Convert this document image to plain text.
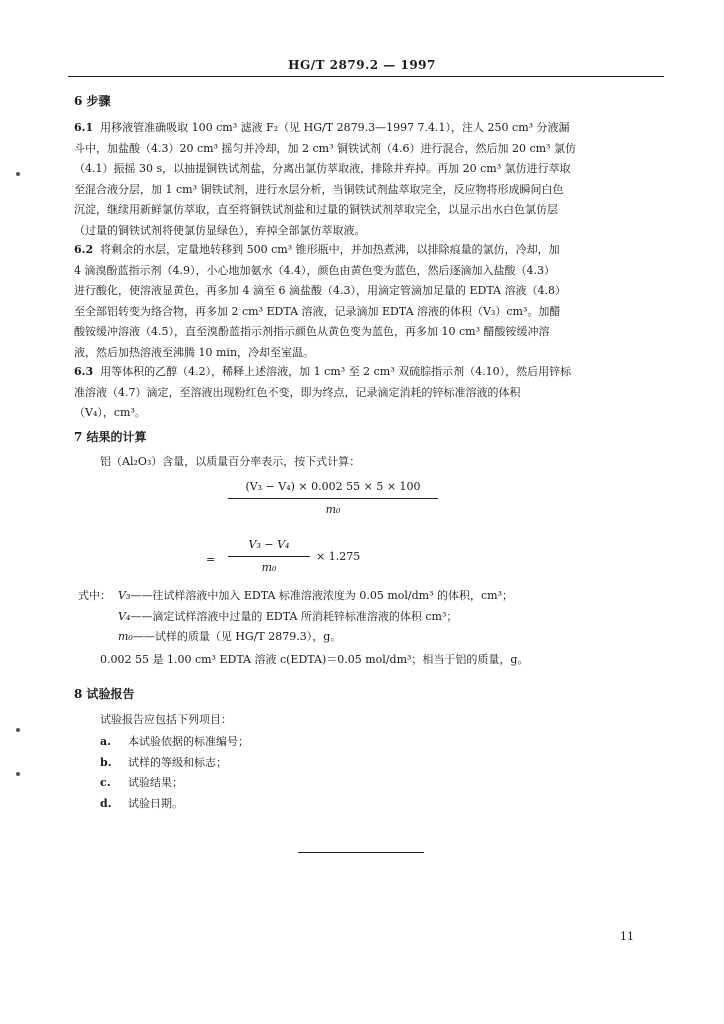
HG/T 2879.2 — 1997
6 步骤
6.1 用移液管准确吸取 100 cm³ 滤液 F₂（见 HG/T 2879.3—1997 7.4.1），注人 250 cm³ 分液漏
斗中，加盐酸（4.3）20 cm³ 摇匀并冷却，加 2 cm³ 铜铁试剂（4.6）进行混合，然后加 20 cm³ 氯仿
（4.1）振摇 30 s，以抽提铜铁试剂盐，分离出氯仿萃取液，排除并弃掉。再加 20 cm³ 氯仿进行萃取
至混合液分层，加 1 cm³ 铜铁试剂，进行水层分析，当铜铁试剂盐萃取完全，反应物将形成瞬间白色
沉淀，继续用新鲜氯仿萃取，直至将铜铁试剂盐和过量的铜铁试剂萃取完全，以显示出水白色氯仿层
（过量的铜铁试剂将使氯仿显绿色），弃掉全部氯仿萃取液。
6.2 将剩余的水层，定量地转移到 500 cm³ 锥形瓶中，并加热煮沸，以排除痕量的氯仿，冷却，加
4 滴溴酚蓝指示剂（4.9），小心地加氨水（4.4），颜色由黄色变为蓝色，然后逐滴加入盐酸（4.3）
进行酸化，使溶液显黄色，再多加 4 滴至 6 滴盐酸（4.3），用滴定管滴加足量的 EDTA 溶液（4.8）
至全部铝转变为络合物，再多加 2 cm³ EDTA 溶液，记录滴加 EDTA 溶液的体积（V₃）cm³。加醋
酸铵缓冲溶液（4.5），直至溴酚蓝指示剂指示颜色从黄色变为蓝色，再多加 10 cm³ 醋酸铵缓冲溶
液，然后加热溶液至沸腾 10 min，冷却至室温。
6.3 用等体积的乙醇（4.2），稀释上述溶液，加 1 cm³ 至 2 cm³ 双硫腙指示剂（4.10），然后用锌标
准溶液（4.7）滴定，至溶液出现粉红色不变，即为终点，记录滴定消耗的锌标准溶液的体积
（V₄），cm³。
7 结果的计算
铝（Al₂O₃）含量，以质量百分率表示，按下式计算：
(V₃ − V₄) × 0.002 55 × 5 × 100
m₀
=
V₃ − V₄
m₀
× 1.275
式中： V₃——往试样溶液中加入 EDTA 标准溶液浓度为 0.05 mol/dm³ 的体积，cm³；
V₄——滴定试样溶液中过量的 EDTA 所消耗锌标准溶液的体积 cm³；
m₀——试样的质量（见 HG/T 2879.3），g。
0.002 55 是 1.00 cm³ EDTA 溶液 c(EDTA)＝0.05 mol/dm³；相当于铝的质量，g。
8 试验报告
试验报告应包括下列项目：
a. 本试验依据的标准编号；
b. 试样的等级和标志；
c. 试验结果；
d. 试验日期。
11
